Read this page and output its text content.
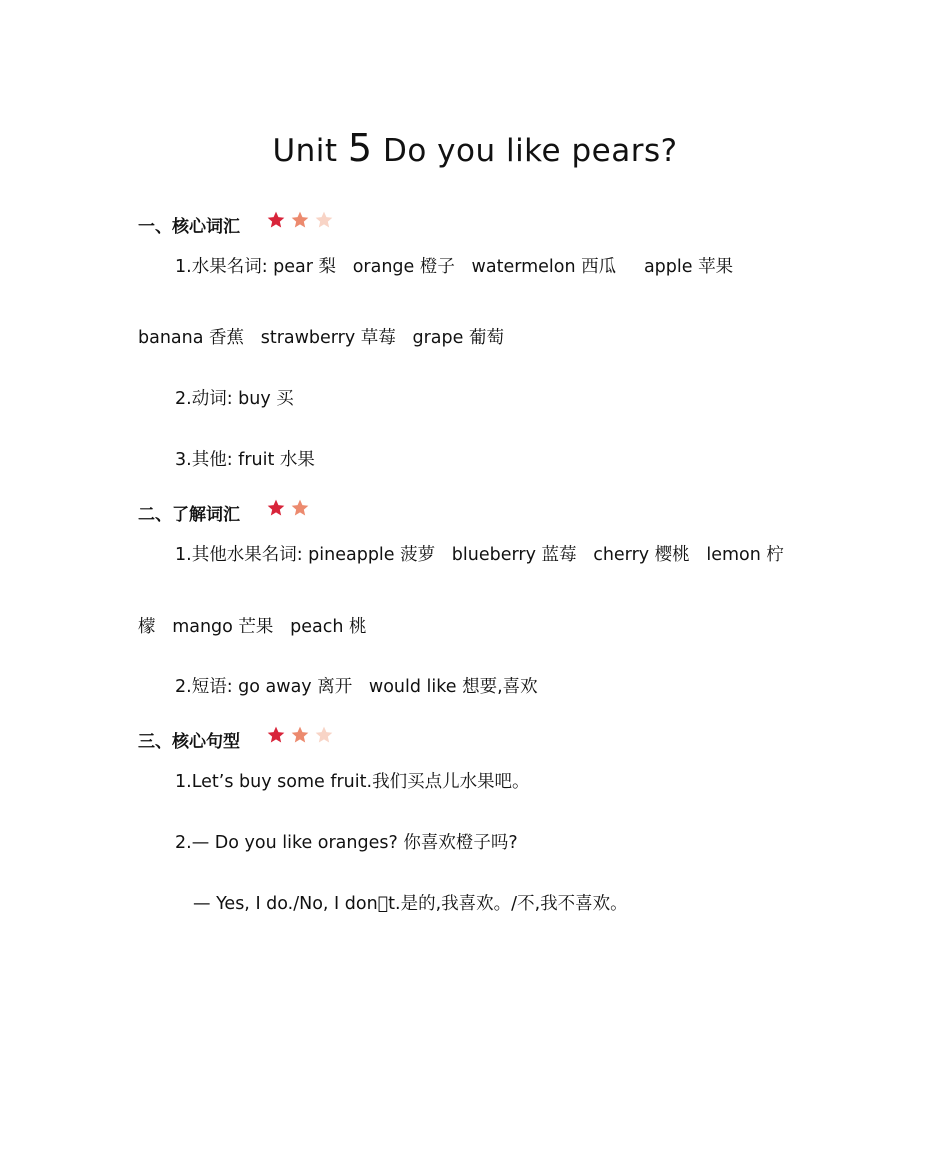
Unit 5 Do you like pears?
一、核心词汇

1.水果名词: pear 梨   orange 橙子   watermelon 西瓜     apple 苹果
banana 香蕉   strawberry 草莓   grape 葡萄
2.动词: buy 买
3.其他: fruit 水果
二、了解词汇

1.其他水果名词: pineapple 菠萝   blueberry 蓝莓   cherry 樱桃   lemon 柠
檬   mango 芒果   peach 桃
2.短语: go away 离开   would like 想要,喜欢
三、核心句型

1.Let’s buy some fruit.我们买点儿水果吧。
2.— Do you like oranges? 你喜欢橙子吗?
— Yes, I do./No, I don t.是的,我喜欢。/不,我不喜欢。
